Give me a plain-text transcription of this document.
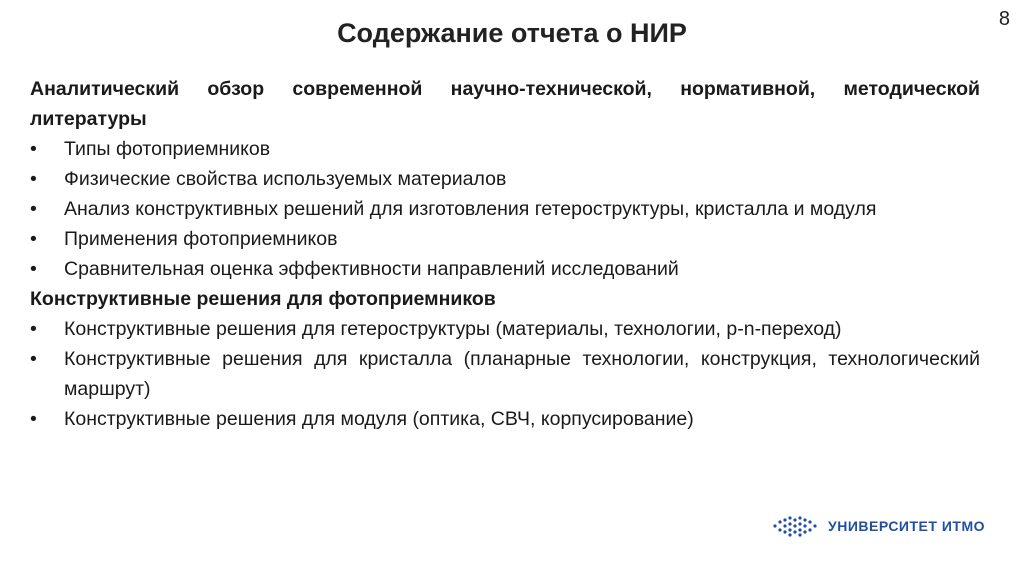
8
Содержание отчета о НИР
Аналитический обзор современной научно-технической, нормативной, методической литературы
• Типы фотоприемников
• Физические свойства используемых материалов
• Анализ конструктивных решений для изготовления гетероструктуры, кристалла и модуля
• Применения фотоприемников
• Сравнительная оценка эффективности направлений исследований
Конструктивные решения для фотоприемников
• Конструктивные решения для гетероструктуры (материалы, технологии, p-n-переход)
• Конструктивные решения для кристалла (планарные технологии, конструкция, технологический маршрут)
• Конструктивные решения для модуля (оптика, СВЧ, корпусирование)
УНИВЕРСИТЕТ ИТМО
